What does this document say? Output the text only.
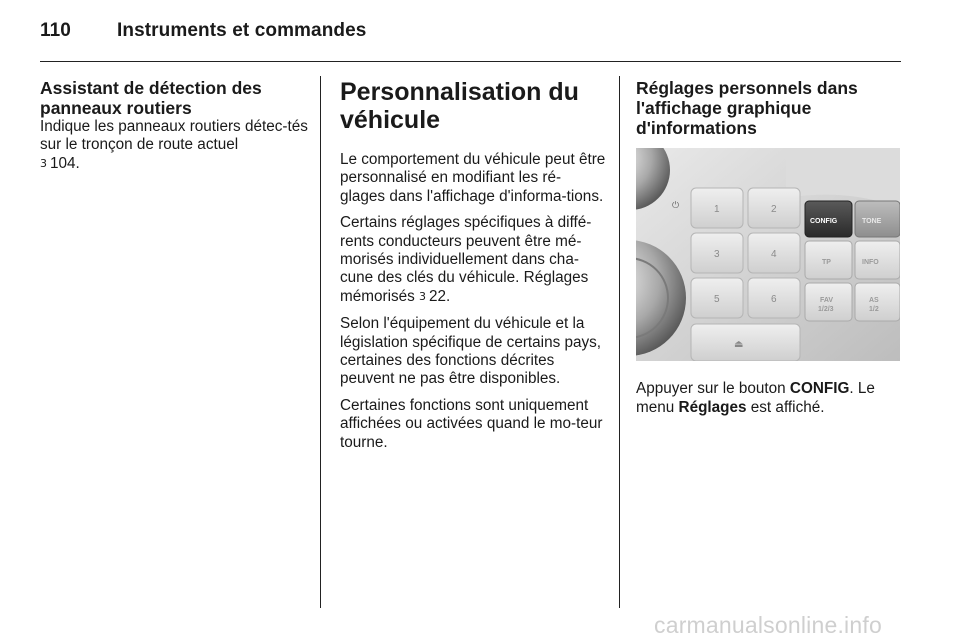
110 Instruments et commandes
Assistant de détection des panneaux routiers
Indique les panneaux routiers détec-tés sur le tronçon de route actuel
3 104.
Personnalisation du véhicule

Le comportement du véhicule peut être personnalisé en modifiant les ré-glages dans l'affichage d'informa-tions.

Certains réglages spécifiques à diffé-rents conducteurs peuvent être mé-morisés individuellement dans cha-cune des clés du véhicule. Réglages mémorisés 3 22.

Selon l'équipement du véhicule et la législation spécifique de certains pays, certaines des fonctions décrites peuvent ne pas être disponibles.

Certaines fonctions sont uniquement affichées ou activées quand le mo-teur tourne.

Réglages personnels dans l'affichage graphique d'informations
⏻	1	2
3	4
5	6
⏏
CONFIG	TONE
TP	INFO
FAV
1/2/3
AS
1/2
Appuyer sur le bouton CONFIG. Le menu Réglages est affiché.
carmanualsonline.info
